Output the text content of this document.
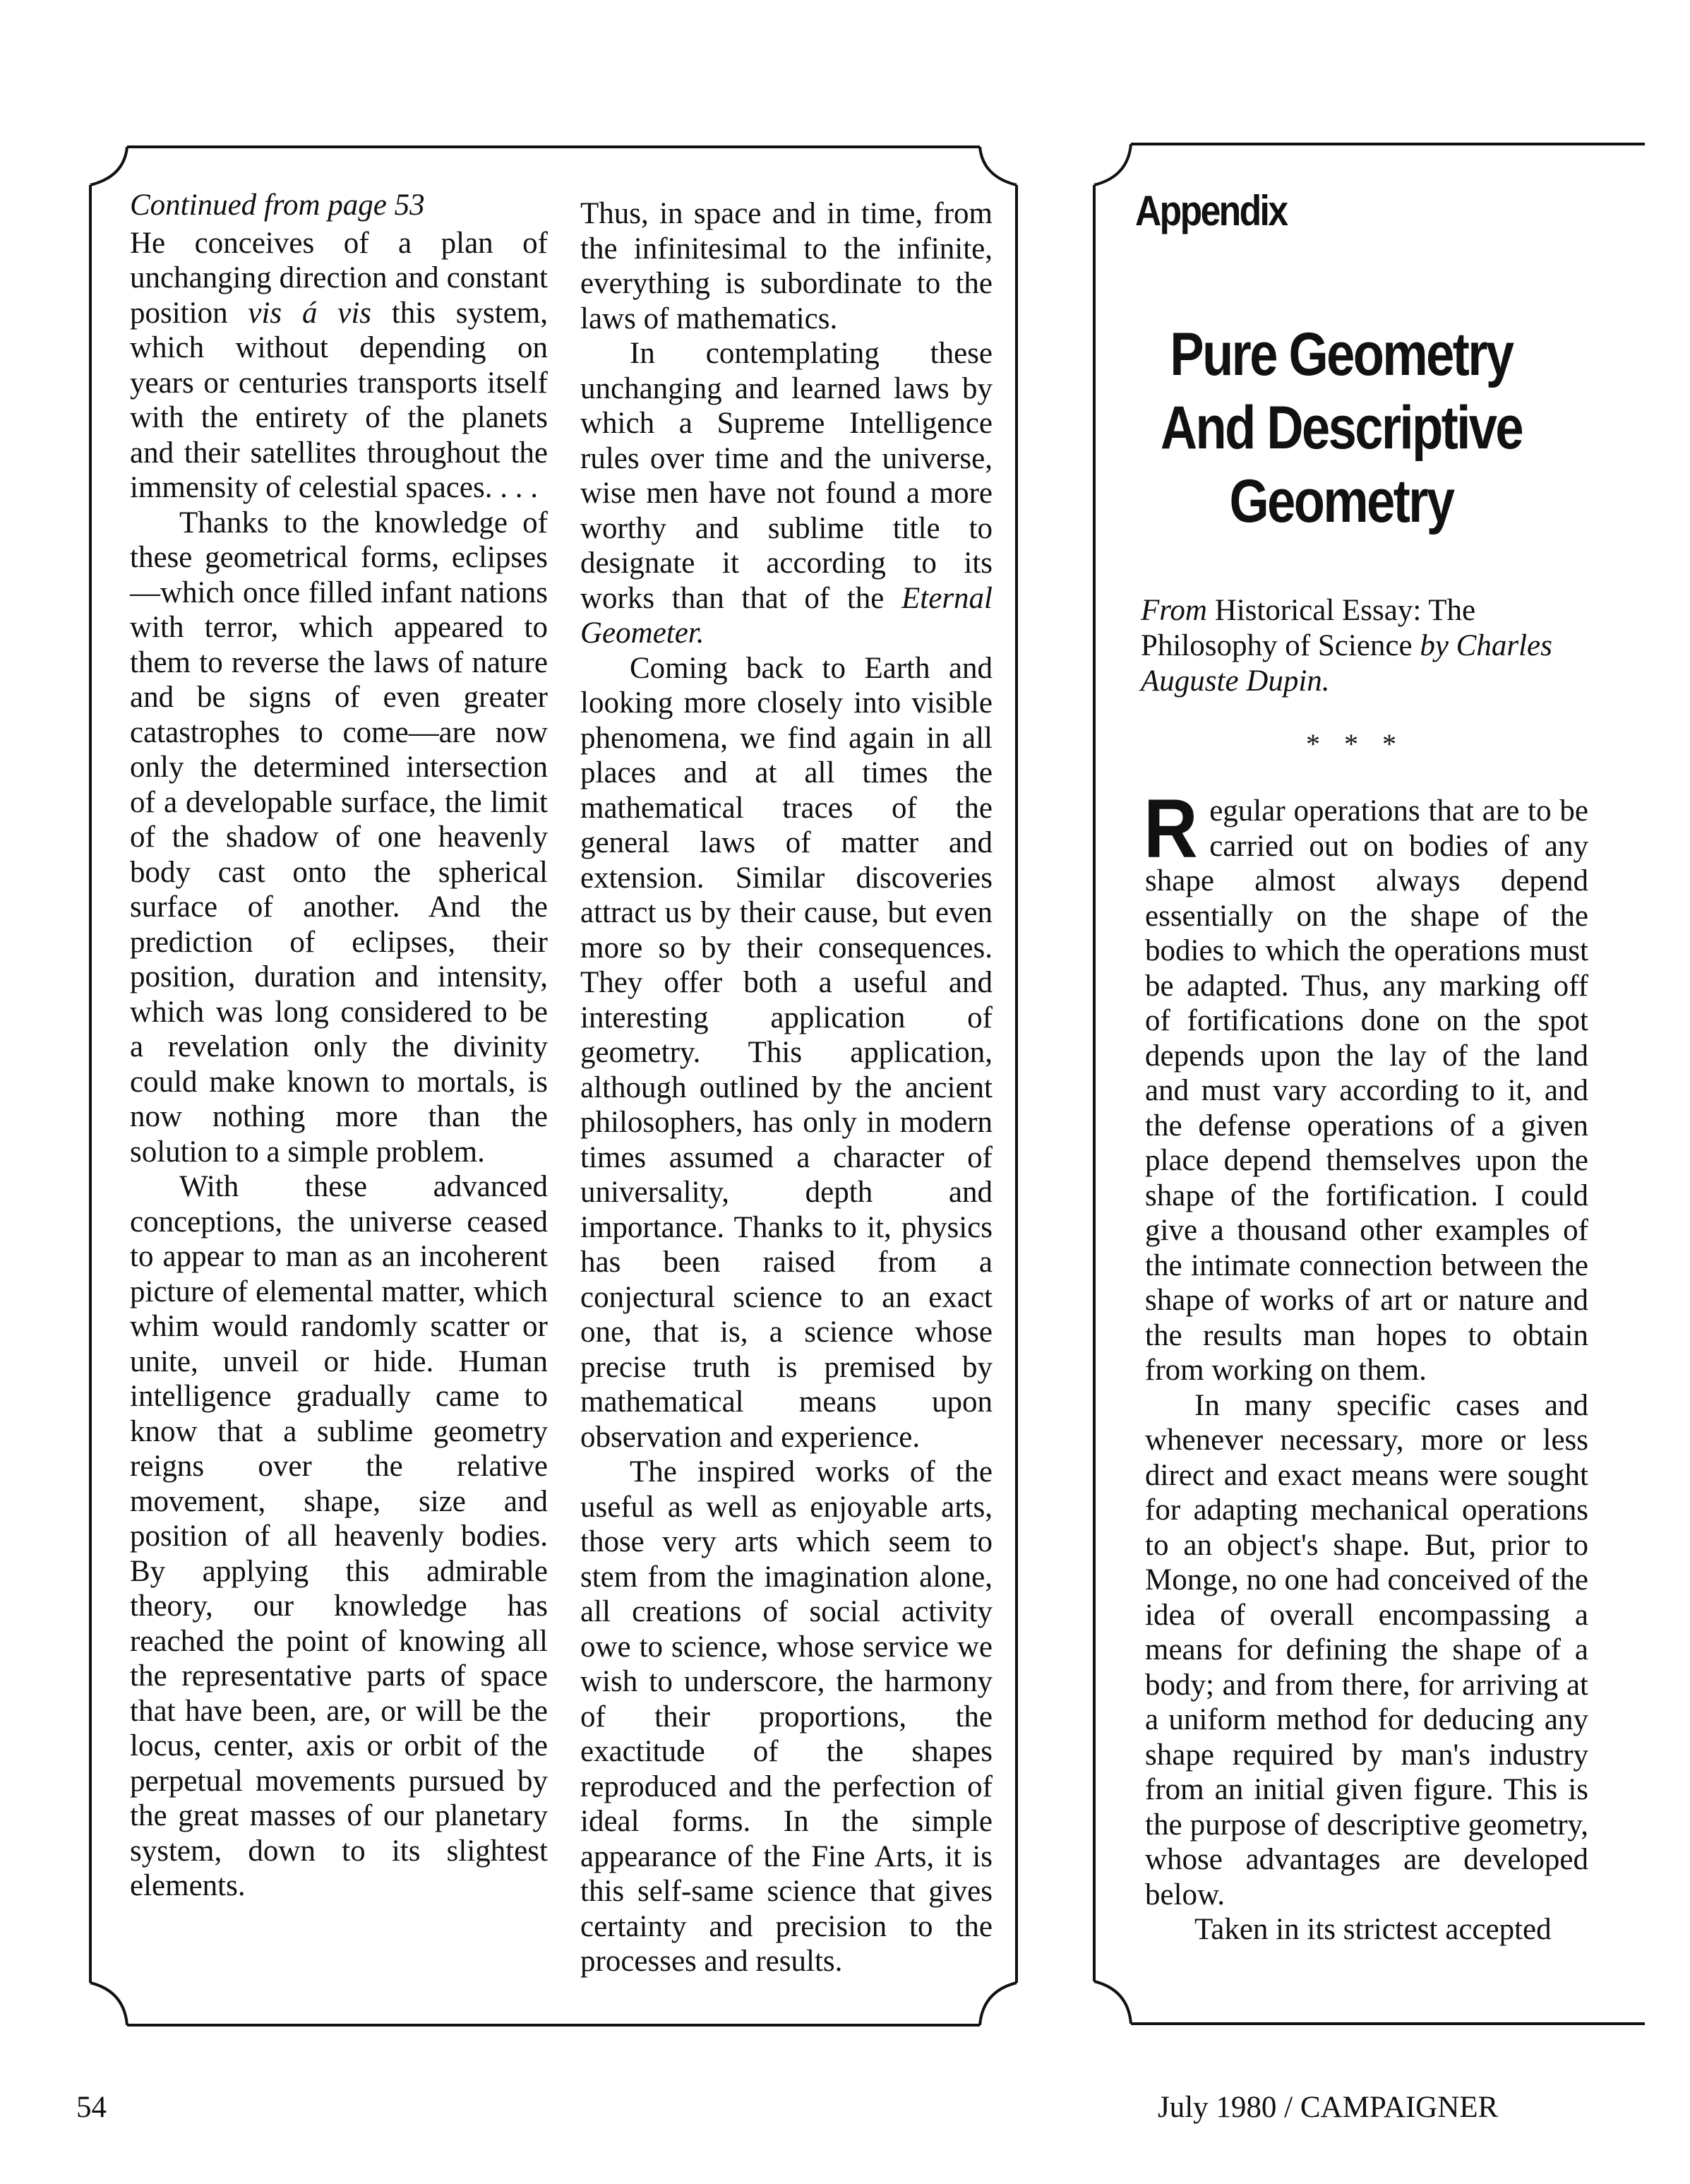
Continued from page 53

He conceives of a plan of unchanging direction and constant position vis á vis this system, which without depending on years or centuries transports itself with the entirety of the planets and their satellites throughout the immensity of celestial spaces. . . .

Thanks to the knowledge of these geometrical forms, eclipses—which once filled infant nations with terror, which appeared to them to reverse the laws of nature and be signs of even greater catastrophes to come—are now only the determined intersection of a developable surface, the limit of the shadow of one heavenly body cast onto the spherical surface of another. And the prediction of eclipses, their position, duration and intensity, which was long considered to be a revelation only the divinity could make known to mortals, is now nothing more than the solution to a simple problem.

With these advanced conceptions, the universe ceased to appear to man as an incoherent picture of elemental matter, which whim would randomly scatter or unite, unveil or hide. Human intelligence gradually came to know that a sublime geometry reigns over the relative movement, shape, size and position of all heavenly bodies. By applying this admirable theory, our knowledge has reached the point of knowing all the representative parts of space that have been, are, or will be the locus, center, axis or orbit of the perpetual movements pursued by the great masses of our planetary system, down to its slightest elements.

Thus, in space and in time, from the infinitesimal to the infinite, everything is subordinate to the laws of mathematics.

In contemplating these unchanging and learned laws by which a Supreme Intelligence rules over time and the universe, wise men have not found a more worthy and sublime title to designate it according to its works than that of the Eternal Geometer.

Coming back to Earth and looking more closely into visible phenomena, we find again in all places and at all times the mathematical traces of the general laws of matter and extension. Similar discoveries attract us by their cause, but even more so by their consequences. They offer both a useful and interesting application of geometry. This application, although outlined by the ancient philosophers, has only in modern times assumed a character of universality, depth and importance. Thanks to it, physics has been raised from a conjectural science to an exact one, that is, a science whose precise truth is premised by mathematical means upon observation and experience.

The inspired works of the useful as well as enjoyable arts, those very arts which seem to stem from the imagination alone, all creations of social activity owe to science, whose service we wish to underscore, the harmony of their proportions, the exactitude of the shapes reproduced and the perfection of ideal forms. In the simple appearance of the Fine Arts, it is this self-same science that gives certainty and precision to the processes and results.

Appendix
Pure Geometry
And Descriptive
Geometry
From Historical Essay: The Philosophy of Science by Charles Auguste Dupin.
* * *

Regular operations that are to be carried out on bodies of any shape almost always depend essentially on the shape of the bodies to which the operations must be adapted. Thus, any marking off of fortifications done on the spot depends upon the lay of the land and must vary according to it, and the defense operations of a given place depend themselves upon the shape of the fortification. I could give a thousand other examples of the intimate connection between the shape of works of art or nature and the results man hopes to obtain from working on them.

In many specific cases and whenever necessary, more or less direct and exact means were sought for adapting mechanical operations to an object's shape. But, prior to Monge, no one had conceived of the idea of overall encompassing a means for defining the shape of a body; and from there, for arriving at a uniform method for deducing any shape required by man's industry from an initial given figure. This is the purpose of descriptive geometry, whose advantages are developed below.

Taken in its strictest accepted

54	July 1980 / CAMPAIGNER
